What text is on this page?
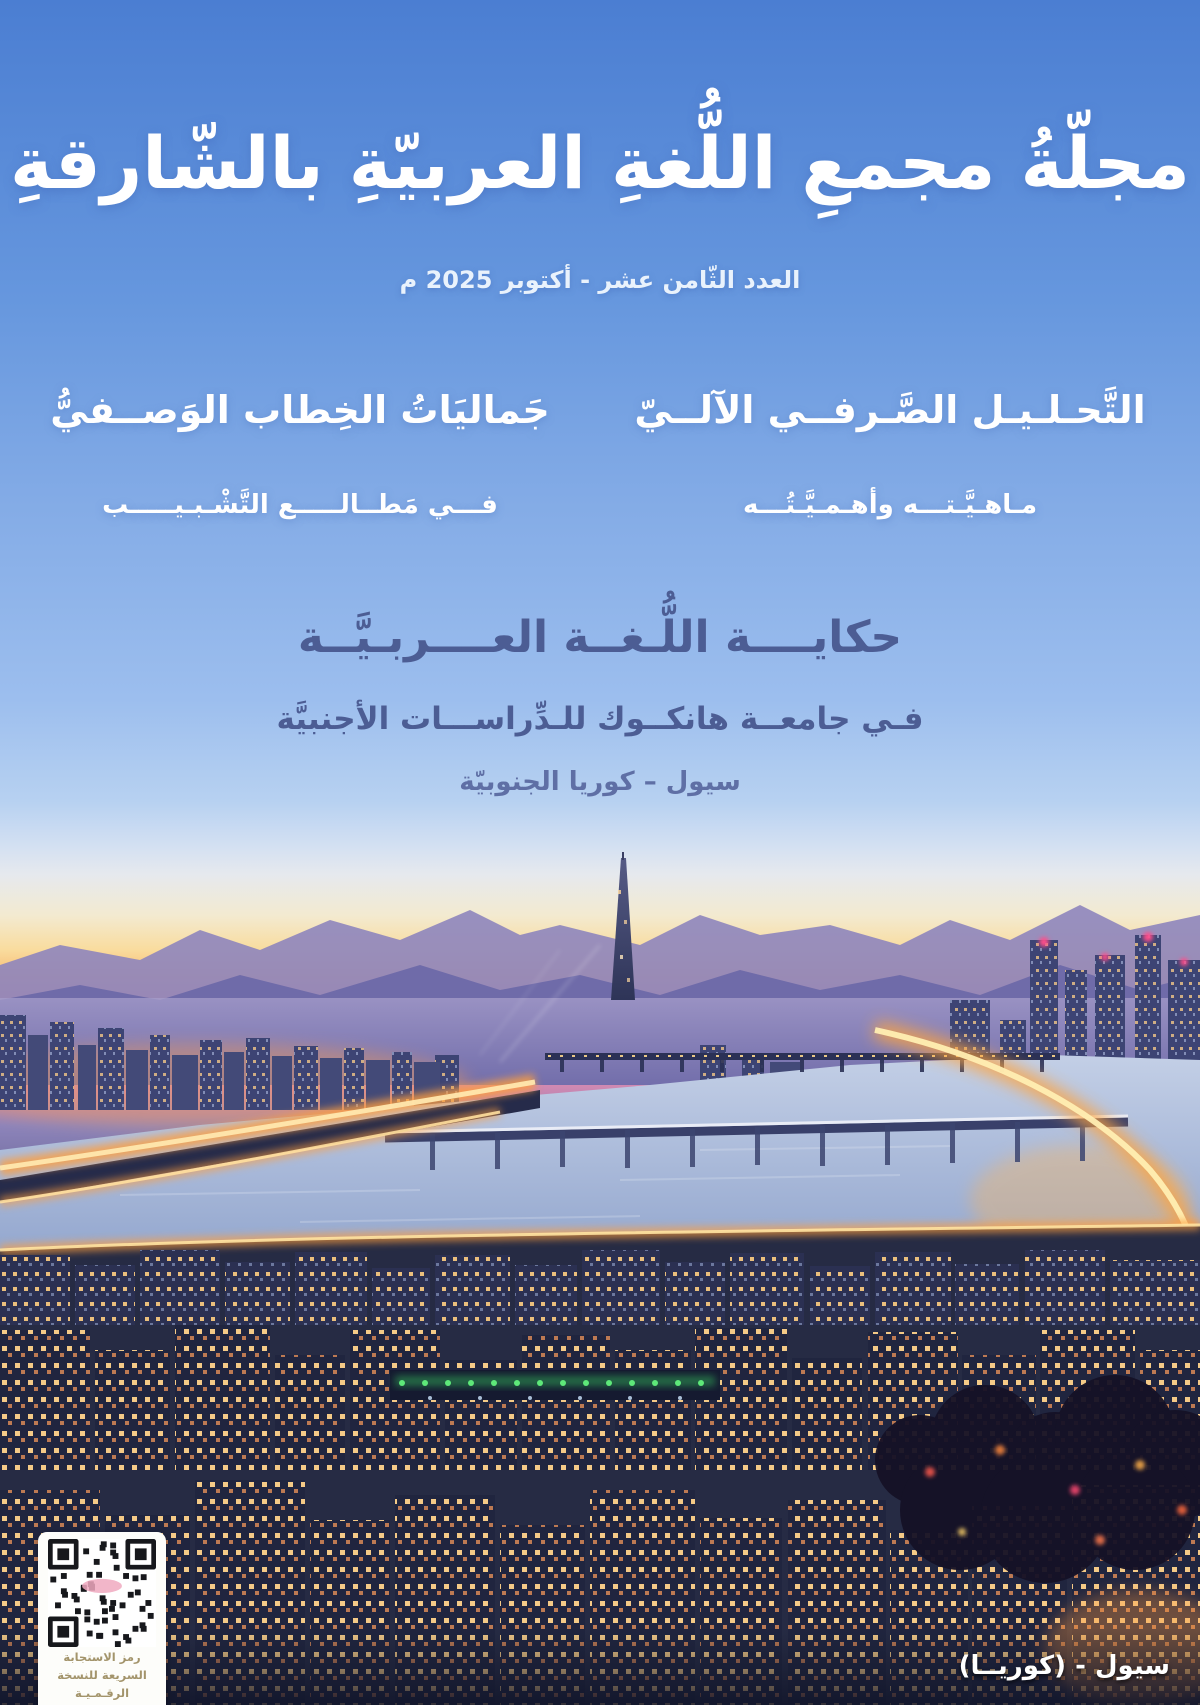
مجلّةُ مجمعِ اللُّغةِ العربيّةِ بالشّارقةِ
العدد الثّامن عشر - أكتوبر 2025 م
التَّحـلـيـل الصَّـرفــي الآلــيّ

مـاهـيَّـتـــه وأهـمـيَّـتُـــه

جَماليَاتُ الخِطاب الوَصــفيُّ

فـــي مَطــالـــــع التَّشْـبـيـــــب

حكايــــة اللُّـغــة العــــربـيَّــة
فـي جامعــة هانكــوك للـدِّراســـات الأجنبيَّة
سيول – كوريا الجنوبيّة
رمز الاستجابة
السريعة للنسخة
الرقـمـيـة
سيول - (كوريــا)
